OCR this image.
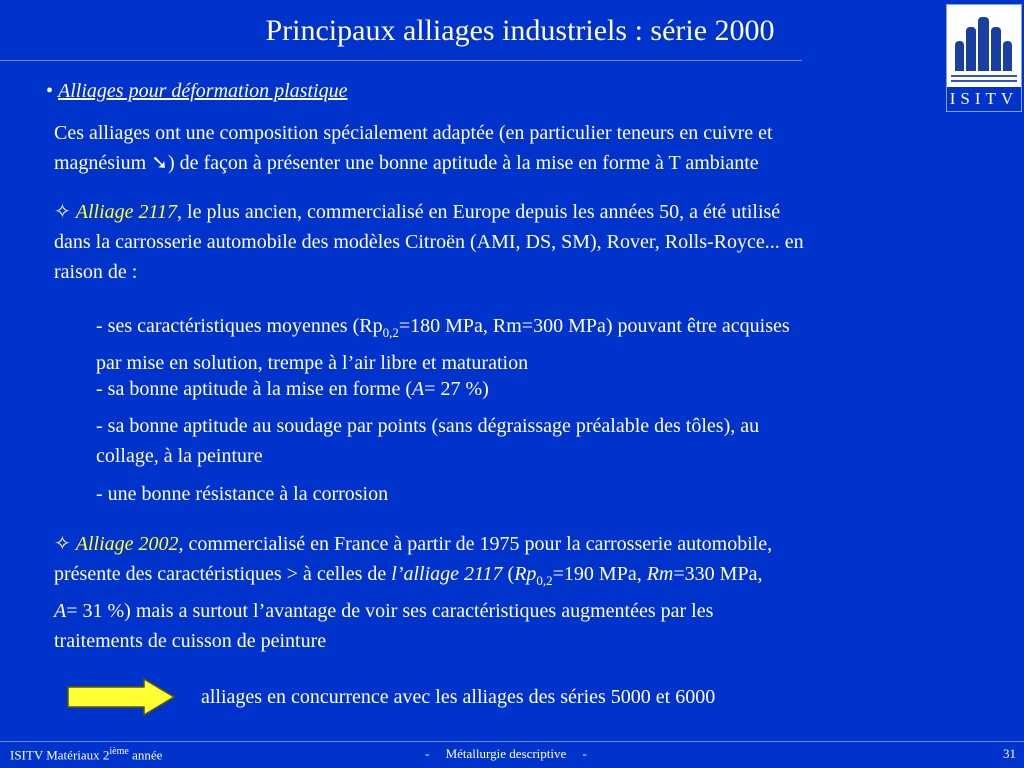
Principaux alliages industriels : série 2000
ISITV
• Alliages pour déformation plastique
Ces alliages ont une composition spécialement adaptée (en particulier teneurs en cuivre et
magnésium ➘) de façon à présenter une bonne aptitude à la mise en forme à T ambiante
✧ Alliage 2117, le plus ancien, commercialisé en Europe depuis les années 50, a été utilisé
dans la carrosserie automobile des modèles Citroën (AMI, DS, SM), Rover, Rolls-Royce... en
raison de :
- ses caractéristiques moyennes ($Rp_{0,2}=180$ MPa, Rm=300 MPa) pouvant être acquises
par mise en solution, trempe à l’air libre et maturation
- sa bonne aptitude à la mise en forme (A= 27 %)
- sa bonne aptitude au soudage par points (sans dégraissage préalable des tôles), au
collage, à la peinture
- une bonne résistance à la corrosion
✧ Alliage 2002, commercialisé en France à partir de 1975 pour la carrosserie automobile,
présente des caractéristiques > à celles de l’alliage 2117 ($Rp_{0,2}=190$ MPa, Rm=330 MPa,
A= 31 %) mais a surtout l’avantage de voir ses caractéristiques augmentées par les
traitements de cuisson de peinture
alliages en concurrence avec les alliages des séries 5000 et 6000
ISITV Matériaux 2ième année	-     Métallurgie descriptive     -	31
